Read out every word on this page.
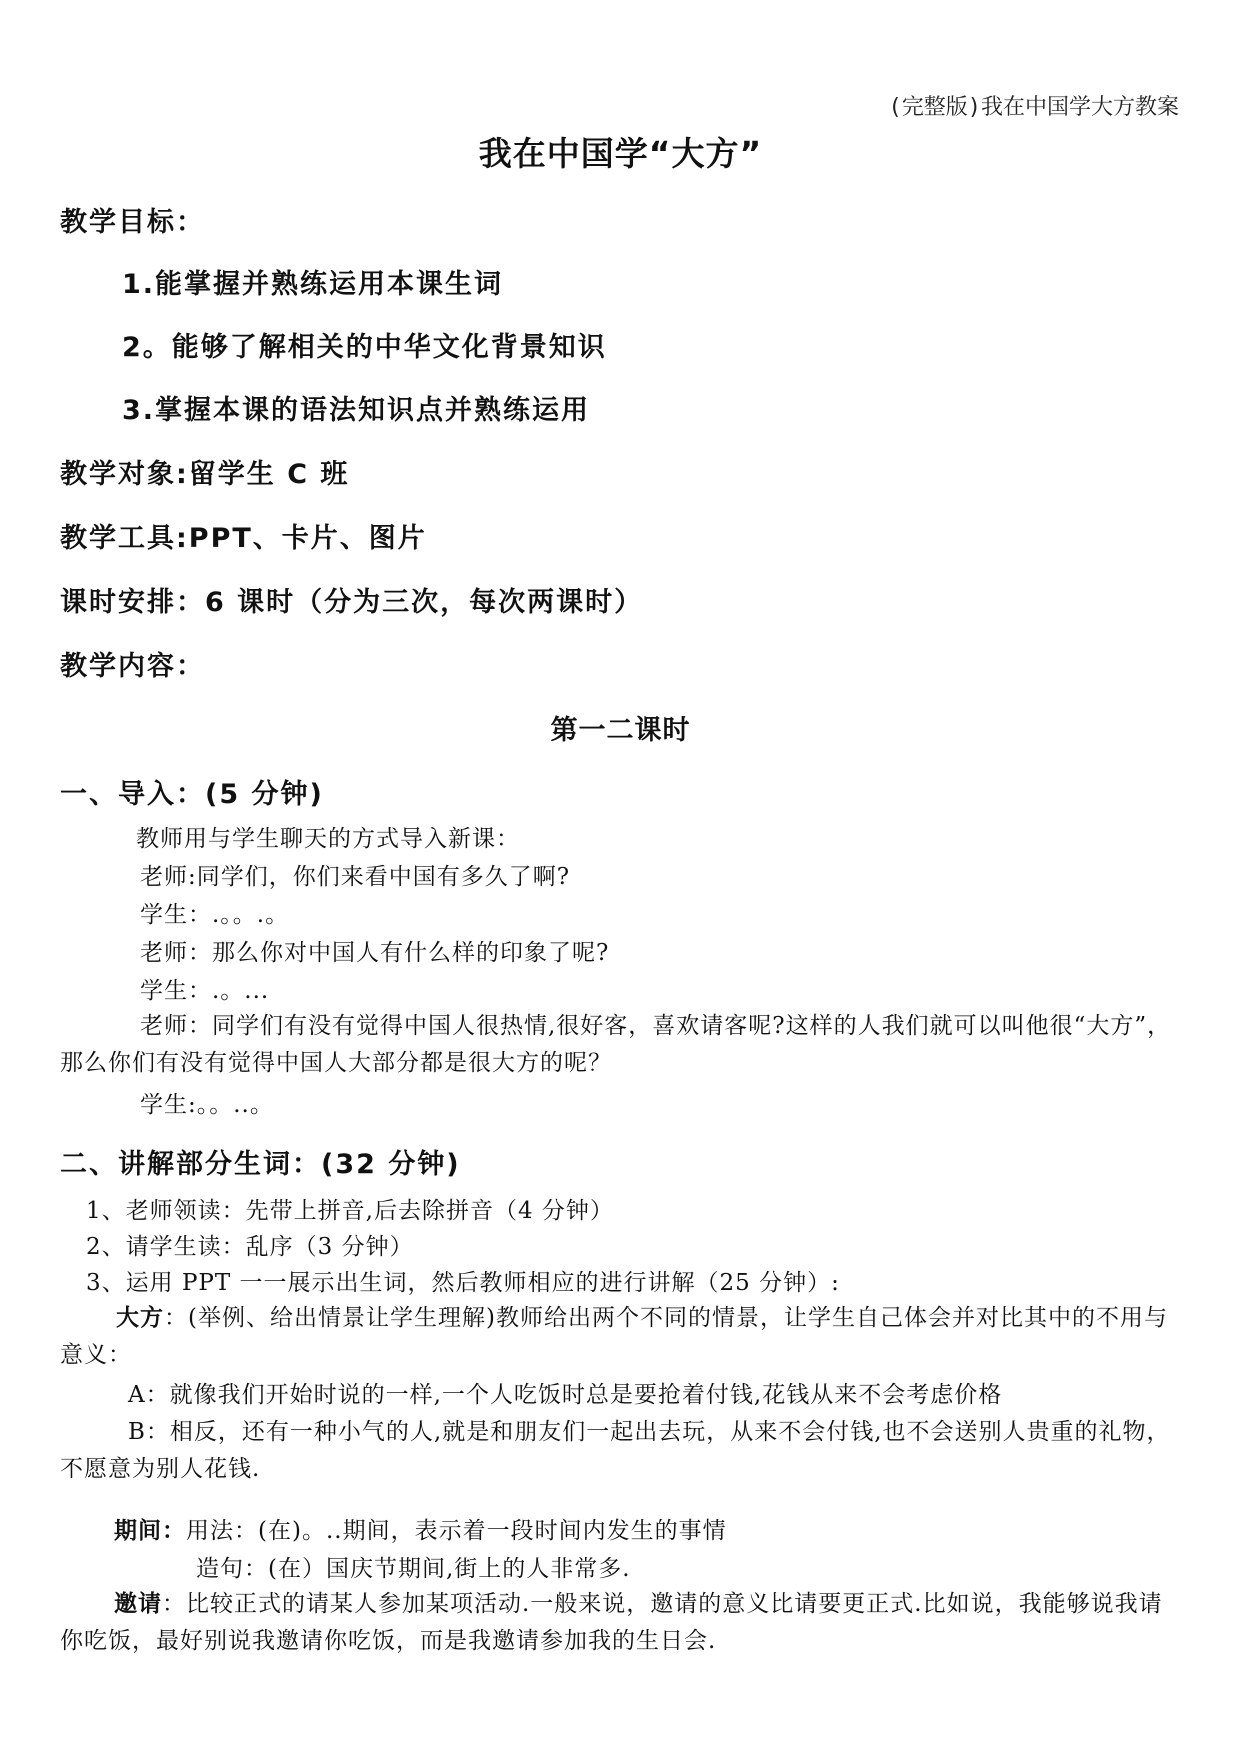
(完整版)我在中国学大方教案
我在中国学“大方”
教学目标：
1.能掌握并熟练运用本课生词
2。能够了解相关的中华文化背景知识
3.掌握本课的语法知识点并熟练运用
教学对象:留学生 C 班
教学工具:PPT、卡片、图片
课时安排：6 课时（分为三次，每次两课时）
教学内容：
第一二课时
一、导入：(5 分钟)
教师用与学生聊天的方式导入新课：
老师:同学们，你们来看中国有多久了啊?
学生：.。。.。
老师：那么你对中国人有什么样的印象了呢?
学生：.。...
老师：同学们有没有觉得中国人很热情,很好客，喜欢请客呢?这样的人我们就可以叫他很“大方”，那么你们有没有觉得中国人大部分都是很大方的呢？
学生:。。..。
二、讲解部分生词：(32 分钟)
1、老师领读：先带上拼音,后去除拼音（4 分钟）
2、请学生读：乱序（3 分钟）
3、运用 PPT 一一展示出生词，然后教师相应的进行讲解（25 分钟）:
大方：(举例、给出情景让学生理解)教师给出两个不同的情景，让学生自己体会并对比其中的不用与意义：
A：就像我们开始时说的一样,一个人吃饭时总是要抢着付钱,花钱从来不会考虑价格
B：相反，还有一种小气的人,就是和朋友们一起出去玩，从来不会付钱,也不会送别人贵重的礼物，不愿意为别人花钱.
期间：用法：(在)。..期间，表示着一段时间内发生的事情
造句：(在）国庆节期间,街上的人非常多.
邀请：比较正式的请某人参加某项活动.一般来说，邀请的意义比请要更正式.比如说，我能够说我请你吃饭，最好别说我邀请你吃饭，而是我邀请参加我的生日会.
